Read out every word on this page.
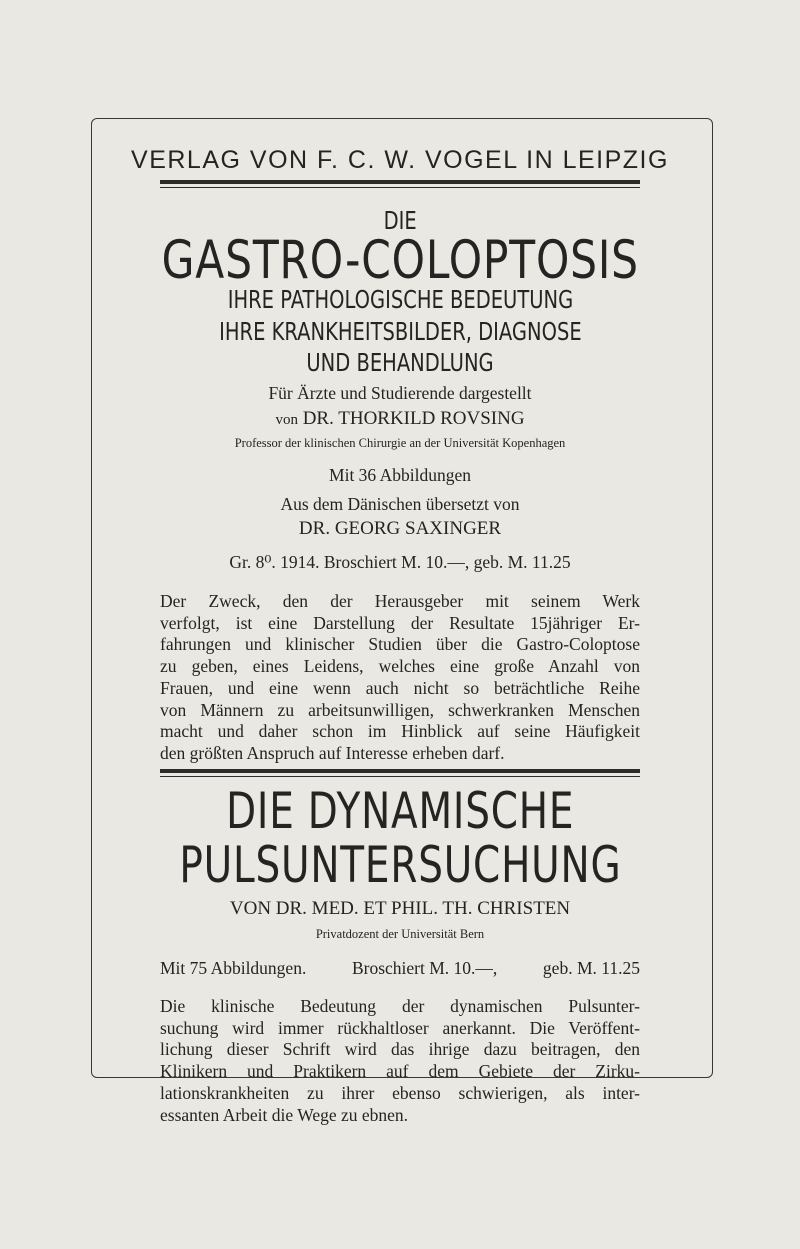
VERLAG VON F. C. W. VOGEL IN LEIPZIG
DIE
GASTRO-COLOPTOSIS
IHRE PATHOLOGISCHE BEDEUTUNG
IHRE KRANKHEITSBILDER, DIAGNOSE
UND BEHANDLUNG
Für Ärzte und Studierende dargestellt
von DR. THORKILD ROVSING
Professor der klinischen Chirurgie an der Universität Kopenhagen
Mit 36 Abbildungen
Aus dem Dänischen übersetzt von
DR. GEORG SAXINGER
Gr. 8⁰. 1914. Broschiert M. 10.—, geb. M. 11.25
Der Zweck, den der Herausgeber mit seinem Werk
verfolgt, ist eine Darstellung der Resultate 15jähriger Er-
fahrungen und klinischer Studien über die Gastro-Coloptose
zu geben, eines Leidens, welches eine große Anzahl von
Frauen, und eine wenn auch nicht so beträchtliche Reihe
von Männern zu arbeitsunwilligen, schwerkranken Menschen
macht und daher schon im Hinblick auf seine Häufigkeit
den größten Anspruch auf Interesse erheben darf.
DIE DYNAMISCHE
PULSUNTERSUCHUNG
VON DR. MED. ET PHIL. TH. CHRISTEN
Privatdozent der Universität Bern
Mit 75 Abbildungen.	Broschiert M. 10.—,	geb. M. 11.25
Die klinische Bedeutung der dynamischen Pulsunter-
suchung wird immer rückhaltloser anerkannt. Die Veröffent-
lichung dieser Schrift wird das ihrige dazu beitragen, den
Klinikern und Praktikern auf dem Gebiete der Zirku-
lationskrankheiten zu ihrer ebenso schwierigen, als inter-
essanten Arbeit die Wege zu ebnen.
